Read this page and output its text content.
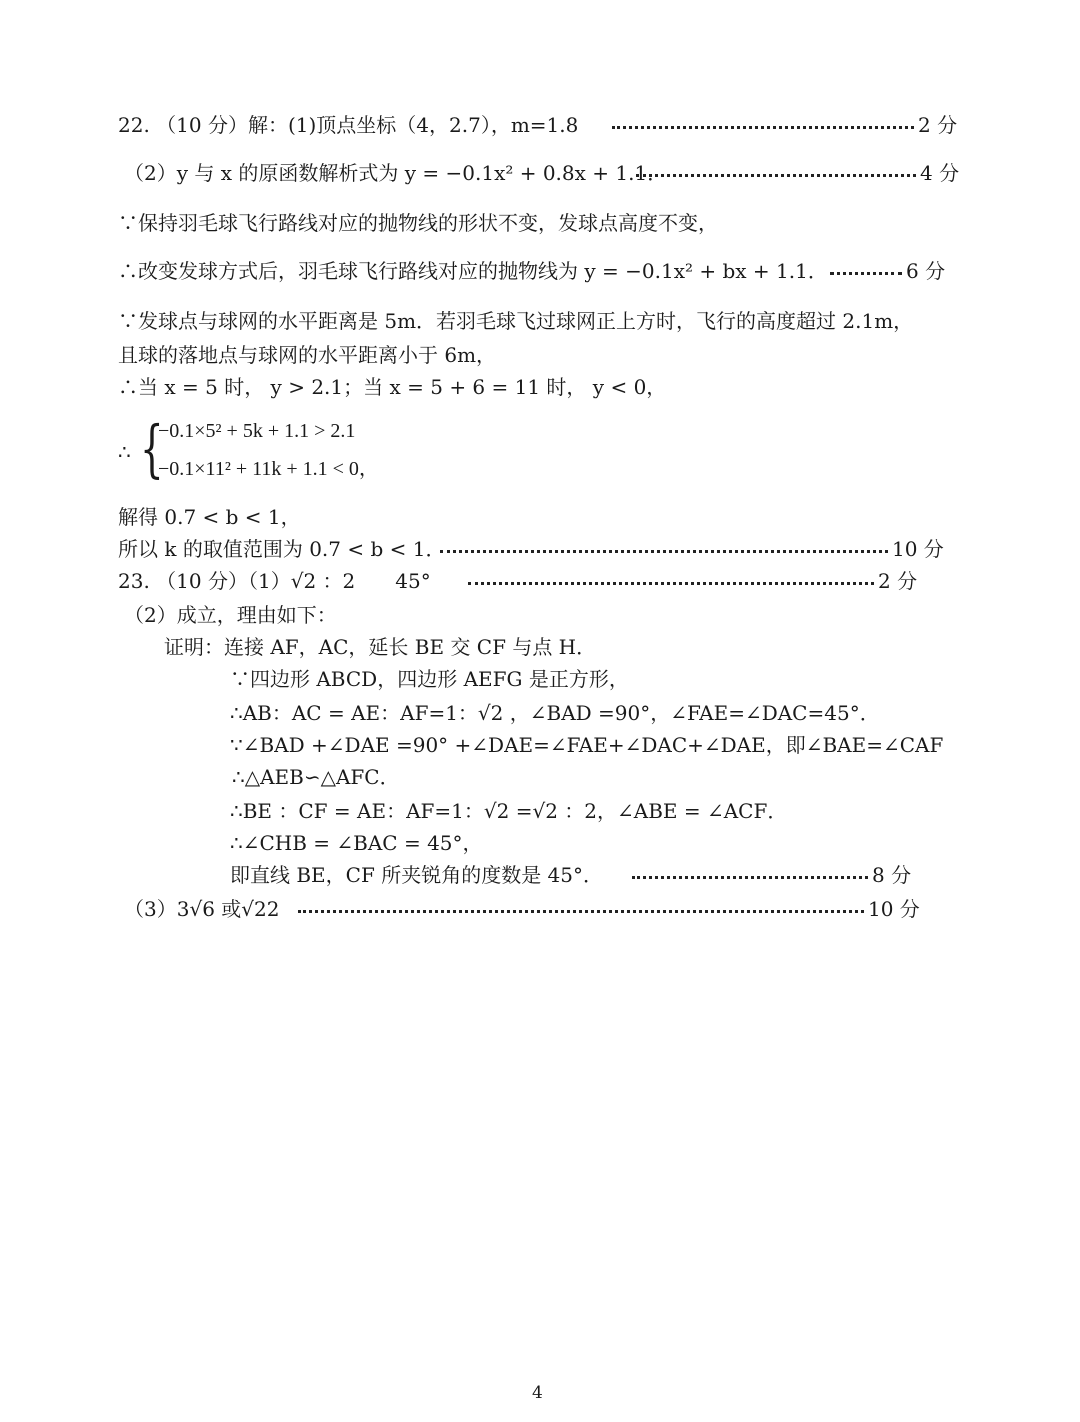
22. （10 分）解：(1)顶点坐标（4，2.7），m=1.8	2 分
（2）y 与 x 的原函数解析式为 y = −0.1x² + 0.8x + 1.1．	4 分
∵保持羽毛球飞行路线对应的抛物线的形状不变，发球点高度不变，
∴改变发球方式后，羽毛球飞行路线对应的抛物线为 y = −0.1x² + bx + 1.1．	6 分
∵发球点与球网的水平距离是 5m．若羽毛球飞过球网正上方时，飞行的高度超过 2.1m，
且球的落地点与球网的水平距离小于 6m，
∴当 x = 5 时， y > 2.1；当 x = 5 + 6 = 11 时， y < 0，
∴ {
−0.1×5² + 5k + 1.1 > 2.1
−0.1×11² + 11k + 1.1 < 0，
解得 0.7 < b < 1，
所以 k 的取值范围为 0.7 < b < 1．	10 分
23. （10 分）（1）√2 ：2　　45°	2 分
（2）成立，理由如下：
证明：连接 AF，AC，延长 BE 交 CF 与点 H．
∵四边形 ABCD，四边形 AEFG 是正方形，
∴AB：AC = AE：AF=1：√2 ，∠BAD =90°，∠FAE=∠DAC=45°．
∵∠BAD +∠DAE =90° +∠DAE=∠FAE+∠DAC+∠DAE，即∠BAE=∠CAF
∴△AEB∽△AFC．
∴BE ：CF = AE：AF=1：√2 =√2 ：2，∠ABE = ∠ACF．
∴∠CHB = ∠BAC = 45°，
即直线 BE，CF 所夹锐角的度数是 45°．	8 分
（3）3√6 或√22	10 分
4
